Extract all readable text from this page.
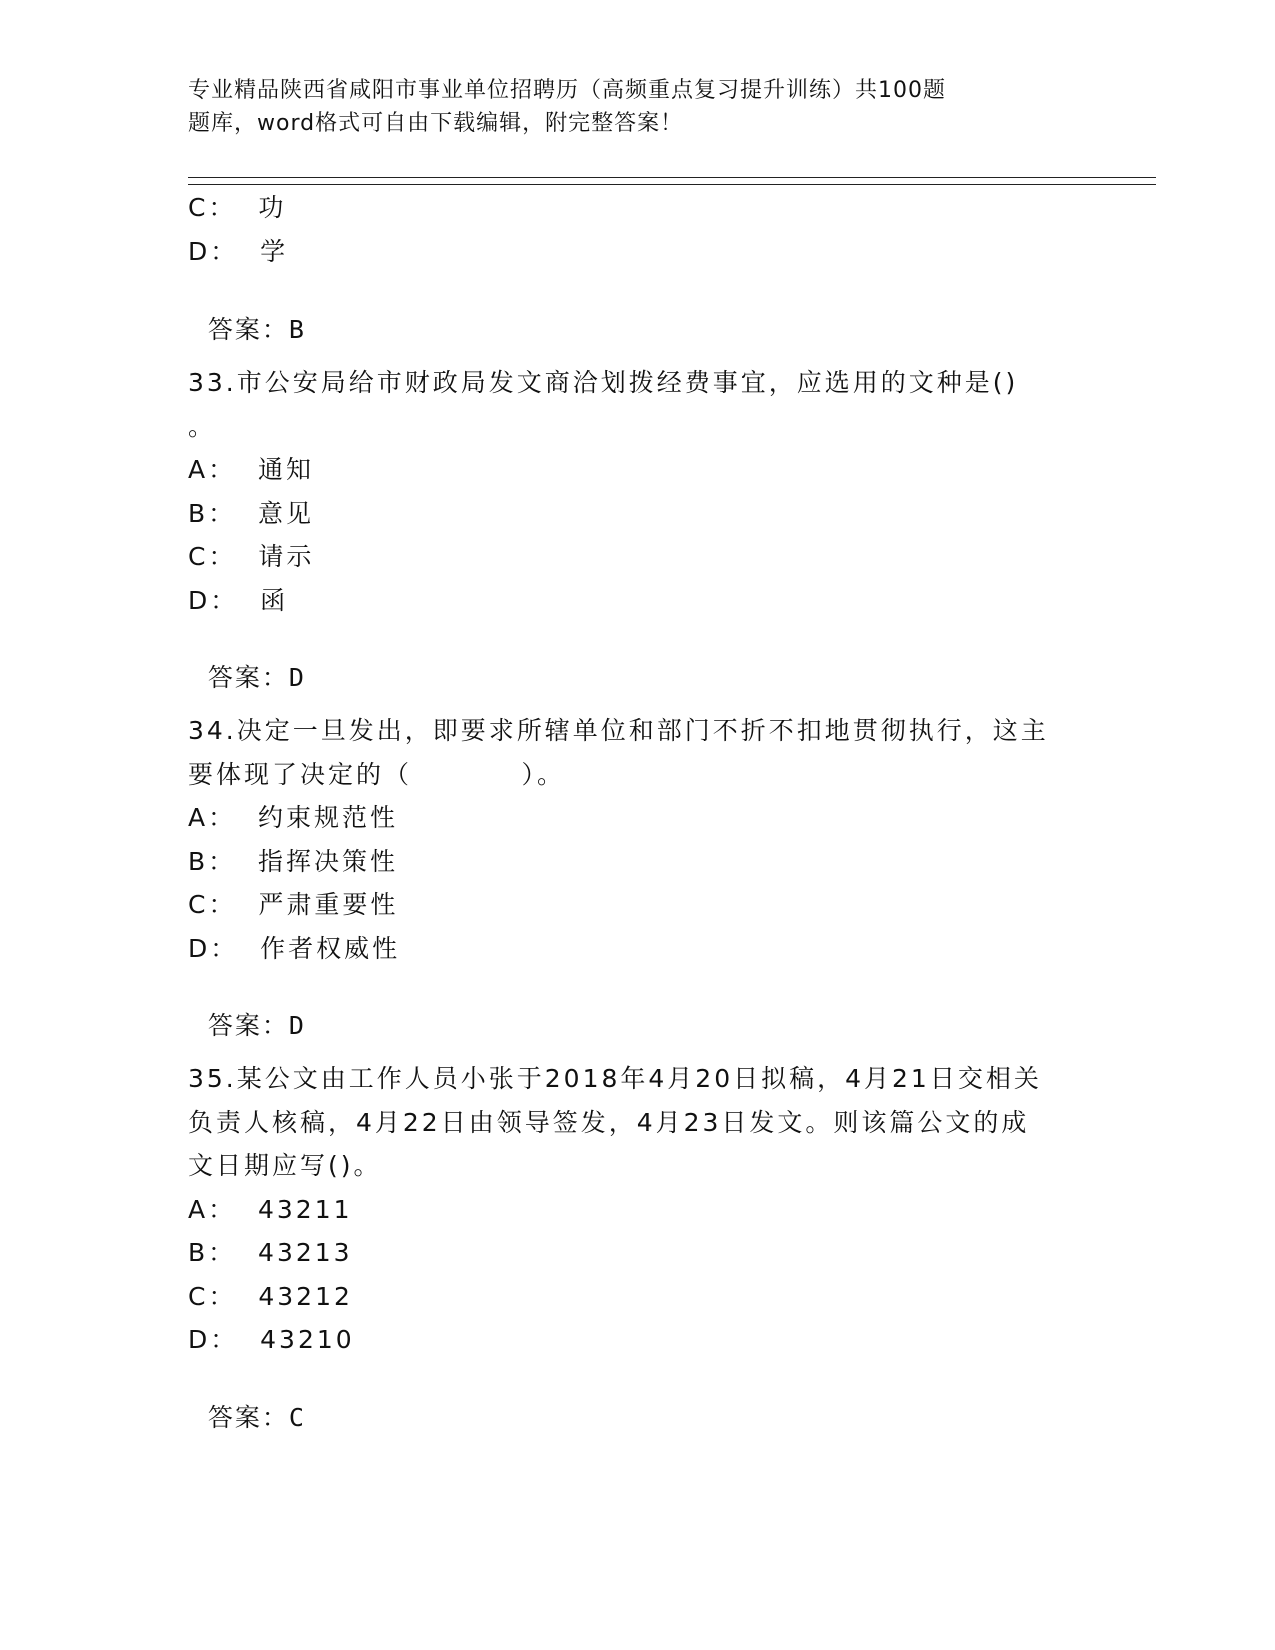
专业精品陕西省咸阳市事业单位招聘历（高频重点复习提升训练）共100题
题库，word格式可自由下载编辑，附完整答案！
C：  功
D：  学

答案：B

33.市公安局给市财政局发文商洽划拨经费事宜，应选用的文种是()
。
A：  通知
B：  意见
C：  请示
D：  函

答案：D

34.决定一旦发出，即要求所辖单位和部门不折不扣地贯彻执行，这主
要体现了决定的（          ）。
A：  约束规范性
B：  指挥决策性
C：  严肃重要性
D：  作者权威性

答案：D

35.某公文由工作人员小张于2018年4月20日拟稿，4月21日交相关
负责人核稿，4月22日由领导签发，4月23日发文。则该篇公文的成
文日期应写()。
A：  43211
B：  43213
C：  43212
D：  43210

答案：C
